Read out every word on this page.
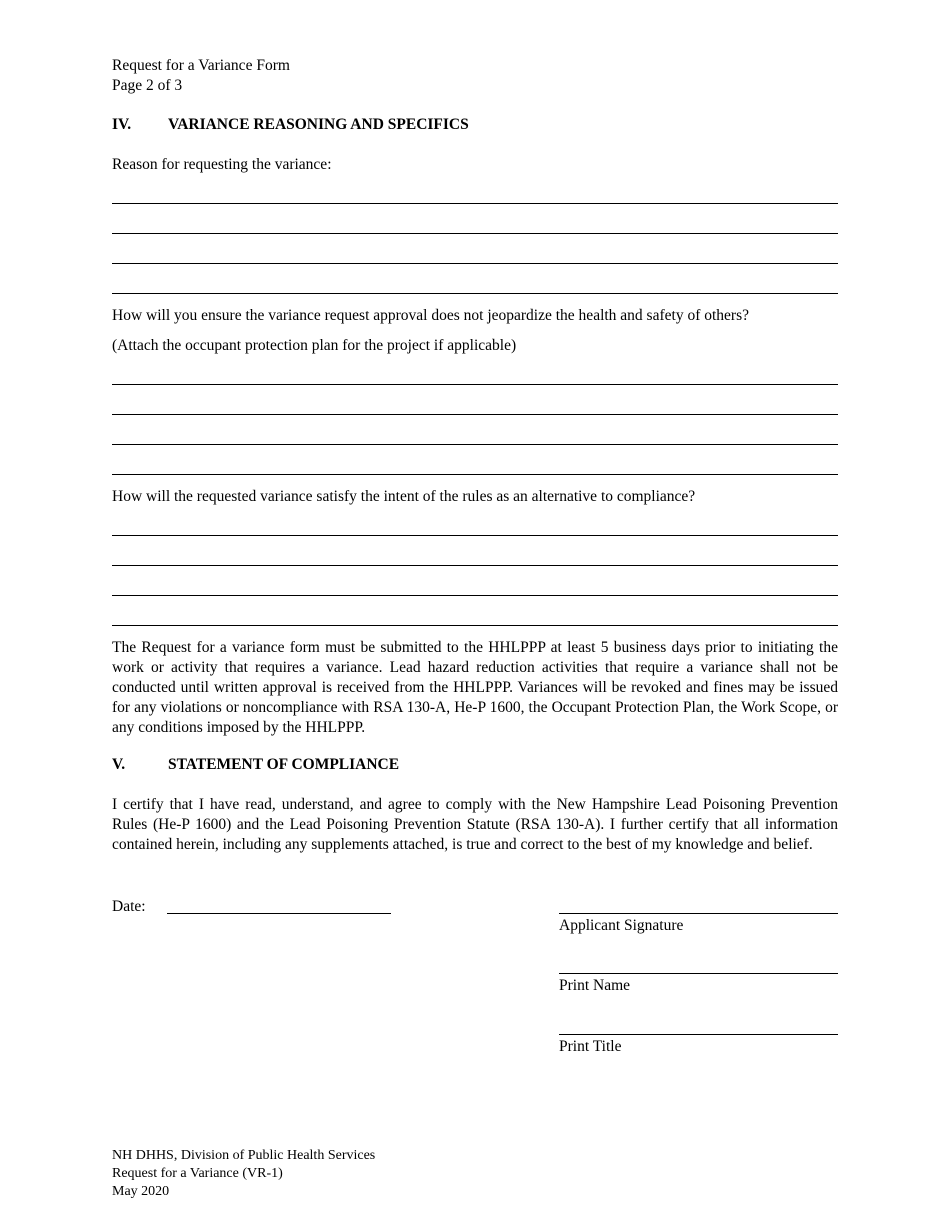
Request for a Variance Form
Page 2 of 3
IV. VARIANCE REASONING AND SPECIFICS
Reason for requesting the variance:
How will you ensure the variance request approval does not jeopardize the health and safety of others?
(Attach the occupant protection plan for the project if applicable)
How will the requested variance satisfy the intent of the rules as an alternative to compliance?
The Request for a variance form must be submitted to the HHLPPP at least 5 business days prior to initiating the work or activity that requires a variance. Lead hazard reduction activities that require a variance shall not be conducted until written approval is received from the HHLPPP. Variances will be revoked and fines may be issued for any violations or noncompliance with RSA 130-A, He-P 1600, the Occupant Protection Plan, the Work Scope, or any conditions imposed by the HHLPPP.
V.	STATEMENT OF COMPLIANCE
I certify that I have read, understand, and agree to comply with the New Hampshire Lead Poisoning Prevention Rules (He-P 1600) and the Lead Poisoning Prevention Statute (RSA 130-A). I further certify that all information contained herein, including any supplements attached, is true and correct to the best of my knowledge and belief.
Date:
Applicant Signature
Print Name
Print Title
NH DHHS, Division of Public Health Services
Request for a Variance (VR-1)
May 2020
